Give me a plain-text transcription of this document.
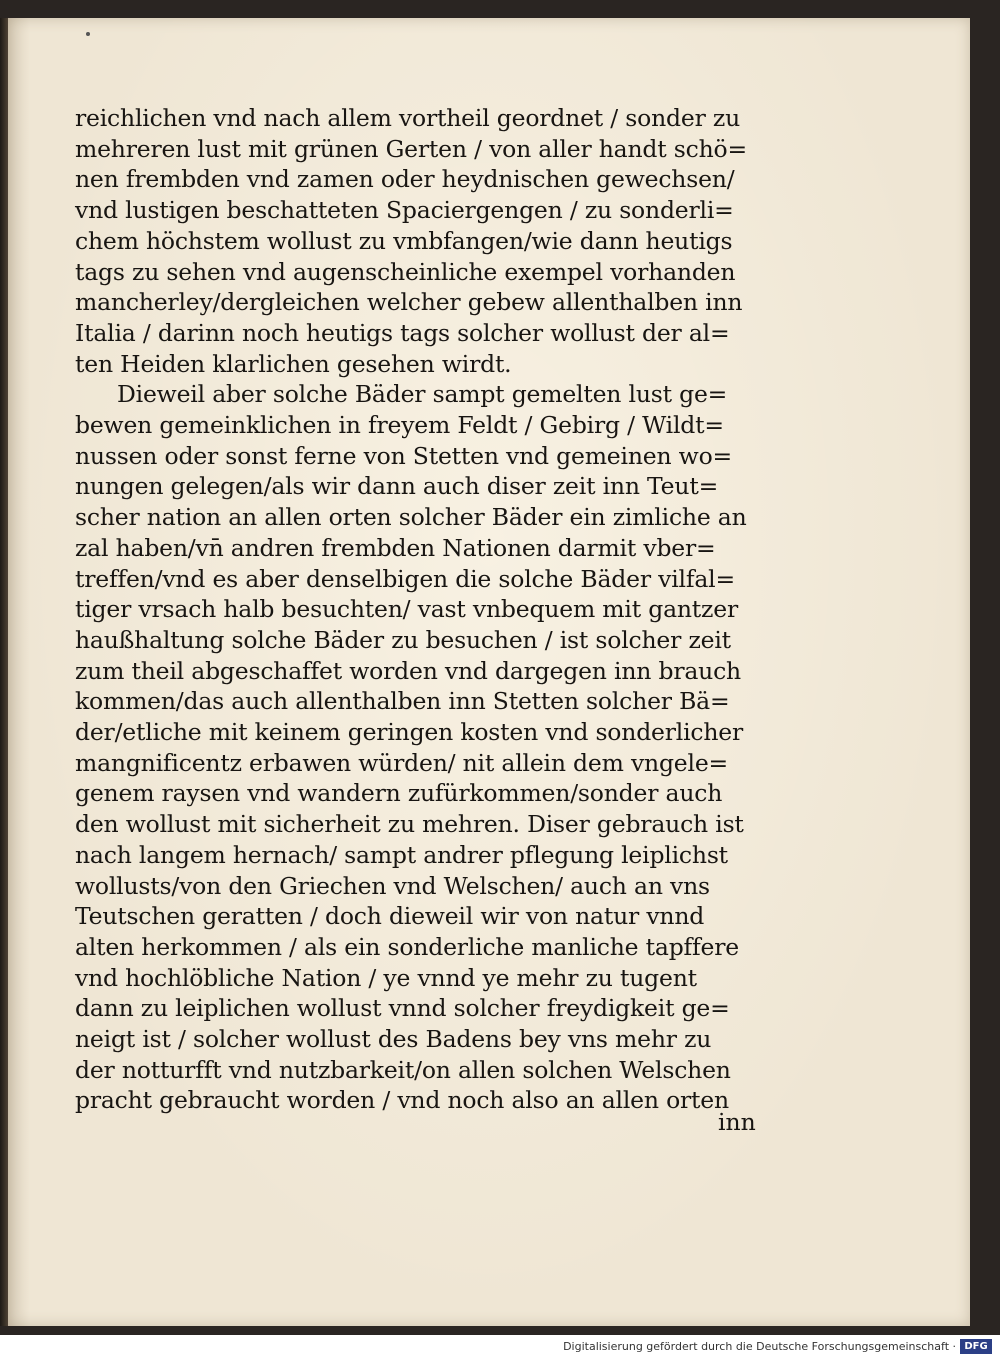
reichlichen vnd nach allem vortheil geordnet / sonder zu
mehreren lust mit grünen Gerten / von aller handt schö=
nen frembden vnd zamen oder heydnischen gewechsen/
vnd lustigen beschatteten Spaciergengen / zu sonderli=
chem höchstem wollust zu vmbfangen/wie dann heutigs
tags zu sehen vnd augenscheinliche exempel vorhanden
mancherley/dergleichen welcher gebew allenthalben inn
Italia / darinn noch heutigs tags solcher wollust der al=
ten Heiden klarlichen gesehen wirdt.
Dieweil aber solche Bäder sampt gemelten lust ge=
bewen gemeinklichen in freyem Feldt / Gebirg / Wildt=
nussen oder sonst ferne von Stetten vnd gemeinen wo=
nungen gelegen/als wir dann auch diser zeit inn Teut=
scher nation an allen orten solcher Bäder ein zimliche an
zal haben/vn̄ andren frembden Nationen darmit vber=
treffen/vnd es aber denselbigen die solche Bäder vilfal=
tiger vrsach halb besuchten/ vast vnbequem mit gantzer
haußhaltung solche Bäder zu besuchen / ist solcher zeit
zum theil abgeschaffet worden vnd dargegen inn brauch
kommen/das auch allenthalben inn Stetten solcher Bä=
der/etliche mit keinem geringen kosten vnd sonderlicher
mangnificentz erbawen würden/ nit allein dem vngele=
genem raysen vnd wandern zufürkommen/sonder auch
den wollust mit sicherheit zu mehren. Diser gebrauch ist
nach langem hernach/ sampt andrer pflegung leiplichst
wollusts/von den Griechen vnd Welschen/ auch an vns
Teutschen geratten / doch dieweil wir von natur vnnd
alten herkommen / als ein sonderliche manliche tapffere
vnd hochlöbliche Nation / ye vnnd ye mehr zu tugent
dann zu leiplichen wollust vnnd solcher freydigkeit ge=
neigt ist / solcher wollust des Badens bey vns mehr zu
der notturfft vnd nutzbarkeit/on allen solchen Welschen
pracht gebraucht worden / vnd noch also an allen orten
inn
Digitalisierung gefördert durch die Deutsche Forschungsgemeinschaft · DFG
